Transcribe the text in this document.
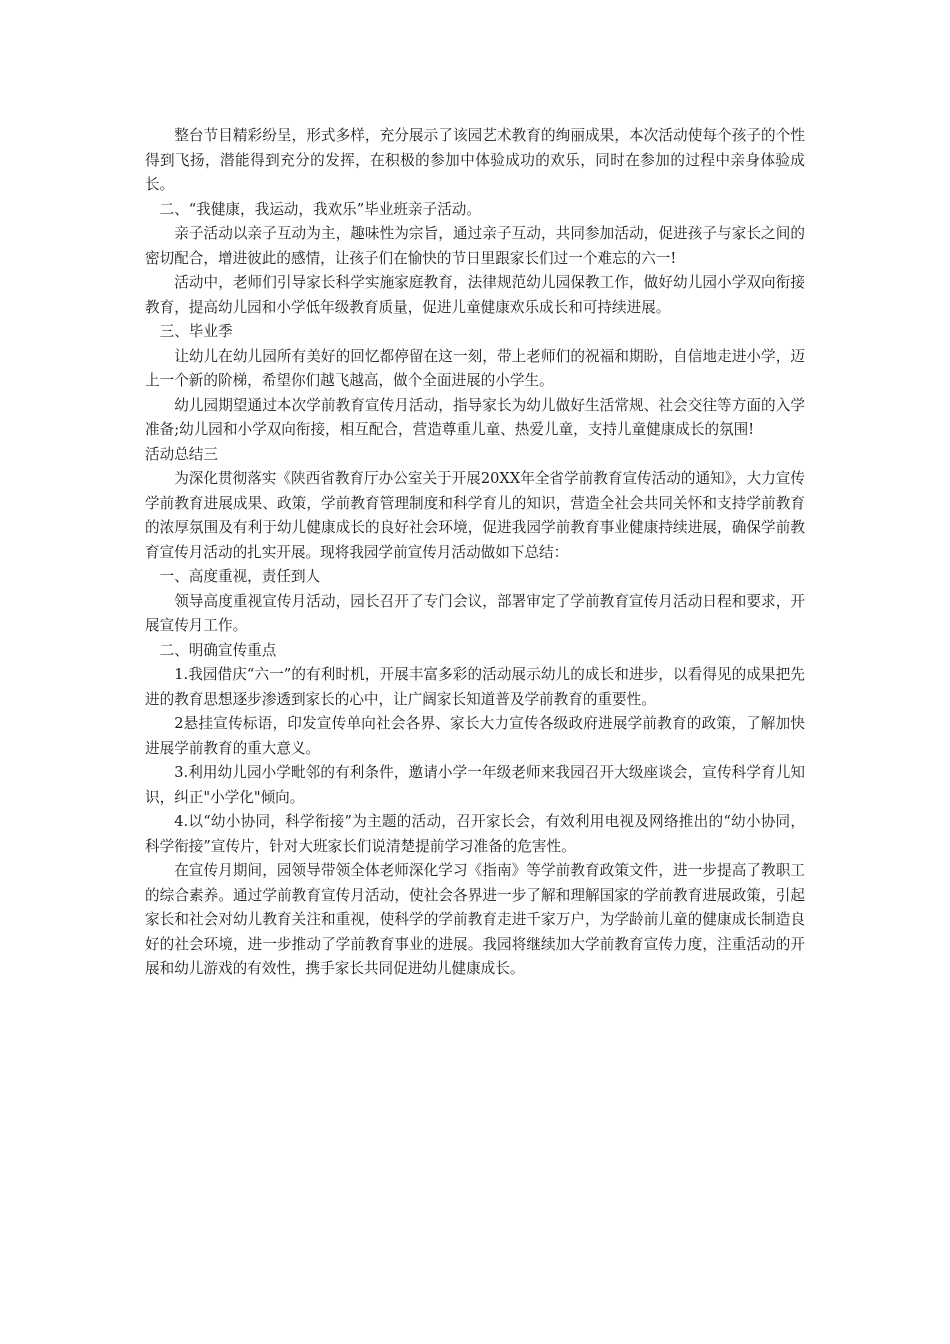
整台节目精彩纷呈，形式多样，充分展示了该园艺术教育的绚丽成果，本次活动使每个孩子的个性得到飞扬，潜能得到充分的发挥，在积极的参加中体验成功的欢乐，同时在参加的过程中亲身体验成长。

二、“我健康，我运动，我欢乐”毕业班亲子活动。

亲子活动以亲子互动为主，趣味性为宗旨，通过亲子互动，共同参加活动，促进孩子与家长之间的密切配合，增进彼此的感情，让孩子们在愉快的节日里跟家长们过一个难忘的六一!

活动中，老师们引导家长科学实施家庭教育，法律规范幼儿园保教工作，做好幼儿园小学双向衔接教育，提高幼儿园和小学低年级教育质量，促进儿童健康欢乐成长和可持续进展。

三、毕业季

让幼儿在幼儿园所有美好的回忆都停留在这一刻，带上老师们的祝福和期盼，自信地走进小学，迈上一个新的阶梯，希望你们越飞越高，做个全面进展的小学生。

幼儿园期望通过本次学前教育宣传月活动，指导家长为幼儿做好生活常规、社会交往等方面的入学准备;幼儿园和小学双向衔接，相互配合，营造尊重儿童、热爱儿童，支持儿童健康成长的氛围!

活动总结三

为深化贯彻落实《陕西省教育厅办公室关于开展20XX年全省学前教育宣传活动的通知》，大力宣传学前教育进展成果、政策，学前教育管理制度和科学育儿的知识，营造全社会共同关怀和支持学前教育的浓厚氛围及有利于幼儿健康成长的良好社会环境，促进我园学前教育事业健康持续进展，确保学前教育宣传月活动的扎实开展。现将我园学前宣传月活动做如下总结：

一、高度重视，责任到人

领导高度重视宣传月活动，园长召开了专门会议，部署审定了学前教育宣传月活动日程和要求，开展宣传月工作。

二、明确宣传重点

1.我园借庆“六一”的有利时机，开展丰富多彩的活动展示幼儿的成长和进步，以看得见的成果把先进的教育思想逐步渗透到家长的心中，让广阔家长知道普及学前教育的重要性。

2悬挂宣传标语，印发宣传单向社会各界、家长大力宣传各级政府进展学前教育的政策，了解加快进展学前教育的重大意义。

3.利用幼儿园小学毗邻的有利条件，邀请小学一年级老师来我园召开大级座谈会，宣传科学育儿知识，纠正"小学化"倾向。

4.以“幼小协同，科学衔接”为主题的活动，召开家长会，有效利用电视及网络推出的“幼小协同，科学衔接”宣传片，针对大班家长们说清楚提前学习准备的危害性。

在宣传月期间，园领导带领全体老师深化学习《指南》等学前教育政策文件，进一步提高了教职工的综合素养。通过学前教育宣传月活动，使社会各界进一步了解和理解国家的学前教育进展政策，引起家长和社会对幼儿教育关注和重视，使科学的学前教育走进千家万户，为学龄前儿童的健康成长制造良好的社会环境，进一步推动了学前教育事业的进展。我园将继续加大学前教育宣传力度，注重活动的开展和幼儿游戏的有效性，携手家长共同促进幼儿健康成长。
